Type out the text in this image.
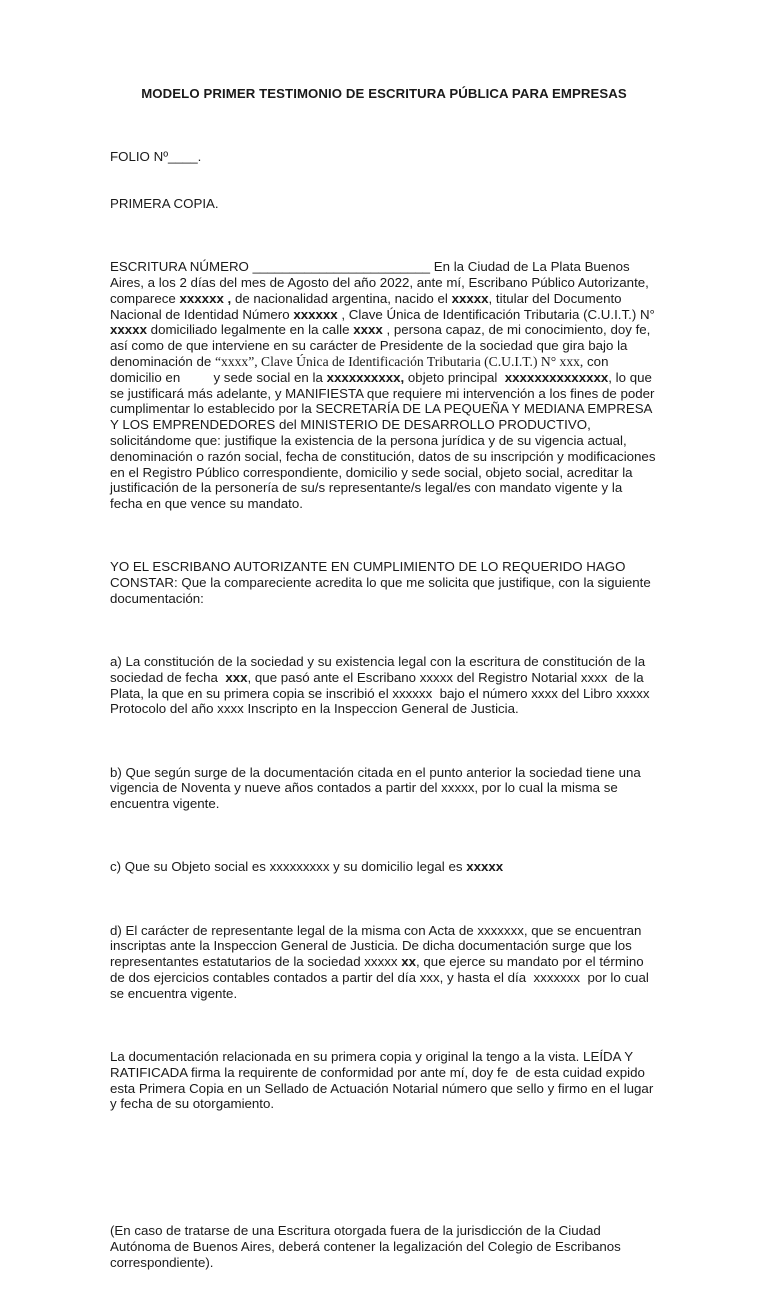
MODELO PRIMER TESTIMONIO DE ESCRITURA PÚBLICA PARA EMPRESAS

FOLIO Nº____.

PRIMERA COPIA.

ESCRITURA NÚMERO ________________________ En la Ciudad de La Plata Buenos Aires, a los 2 días del mes de Agosto del año 2022, ante mí, Escribano Público Autorizante, comparece xxxxxx , de nacionalidad argentina, nacido el xxxxx, titular del Documento Nacional de Identidad Número xxxxxx , Clave Única de Identificación Tributaria (C.U.I.T.) N° xxxxx domiciliado legalmente en la calle xxxx , persona capaz, de mi conocimiento, doy fe, así como de que interviene en su carácter de Presidente de la sociedad que gira bajo la denominación de “xxxx”, Clave Única de Identificación Tributaria (C.U.I.T.) N° xxx, con domicilio en         y sede social en la xxxxxxxxxx, objeto principal  xxxxxxxxxxxxxx, lo que se justificará más adelante, y MANIFIESTA que requiere mi intervención a los fines de poder cumplimentar lo establecido por la SECRETARÍA DE LA PEQUEÑA Y MEDIANA EMPRESA Y LOS EMPRENDEDORES del MINISTERIO DE DESARROLLO PRODUCTIVO, solicitándome que: justifique la existencia de la persona jurídica y de su vigencia actual, denominación o razón social, fecha de constitución, datos de su inscripción y modificaciones en el Registro Público correspondiente, domicilio y sede social, objeto social, acreditar la justificación de la personería de su/s representante/s legal/es con mandato vigente y la fecha en que vence su mandato.

YO EL ESCRIBANO AUTORIZANTE EN CUMPLIMIENTO DE LO REQUERIDO HAGO CONSTAR: Que la compareciente acredita lo que me solicita que justifique, con la siguiente documentación:

a) La constitución de la sociedad y su existencia legal con la escritura de constitución de la sociedad de fecha  xxx, que pasó ante el Escribano xxxxx del Registro Notarial xxxx  de la Plata, la que en su primera copia se inscribió el xxxxxx  bajo el número xxxx del Libro xxxxx Protocolo del año xxxx Inscripto en la Inspeccion General de Justicia.

b) Que según surge de la documentación citada en el punto anterior la sociedad tiene una vigencia de Noventa y nueve años contados a partir del xxxxx, por lo cual la misma se encuentra vigente.

c) Que su Objeto social es xxxxxxxxx y su domicilio legal es xxxxx

d) El carácter de representante legal de la misma con Acta de xxxxxxx, que se encuentran inscriptas ante la Inspeccion General de Justicia. De dicha documentación surge que los representantes estatutarios de la sociedad xxxxx xx, que ejerce su mandato por el término de dos ejercicios contables contados a partir del día xxx, y hasta el día  xxxxxxx  por lo cual se encuentra vigente.

La documentación relacionada en su primera copia y original la tengo a la vista. LEÍDA Y RATIFICADA firma la requirente de conformidad por ante mí, doy fe  de esta cuidad expido esta Primera Copia en un Sellado de Actuación Notarial número que sello y firmo en el lugar y fecha de su otorgamiento.

(En caso de tratarse de una Escritura otorgada fuera de la jurisdicción de la Ciudad Autónoma de Buenos Aires, deberá contener la legalización del Colegio de Escribanos correspondiente).
